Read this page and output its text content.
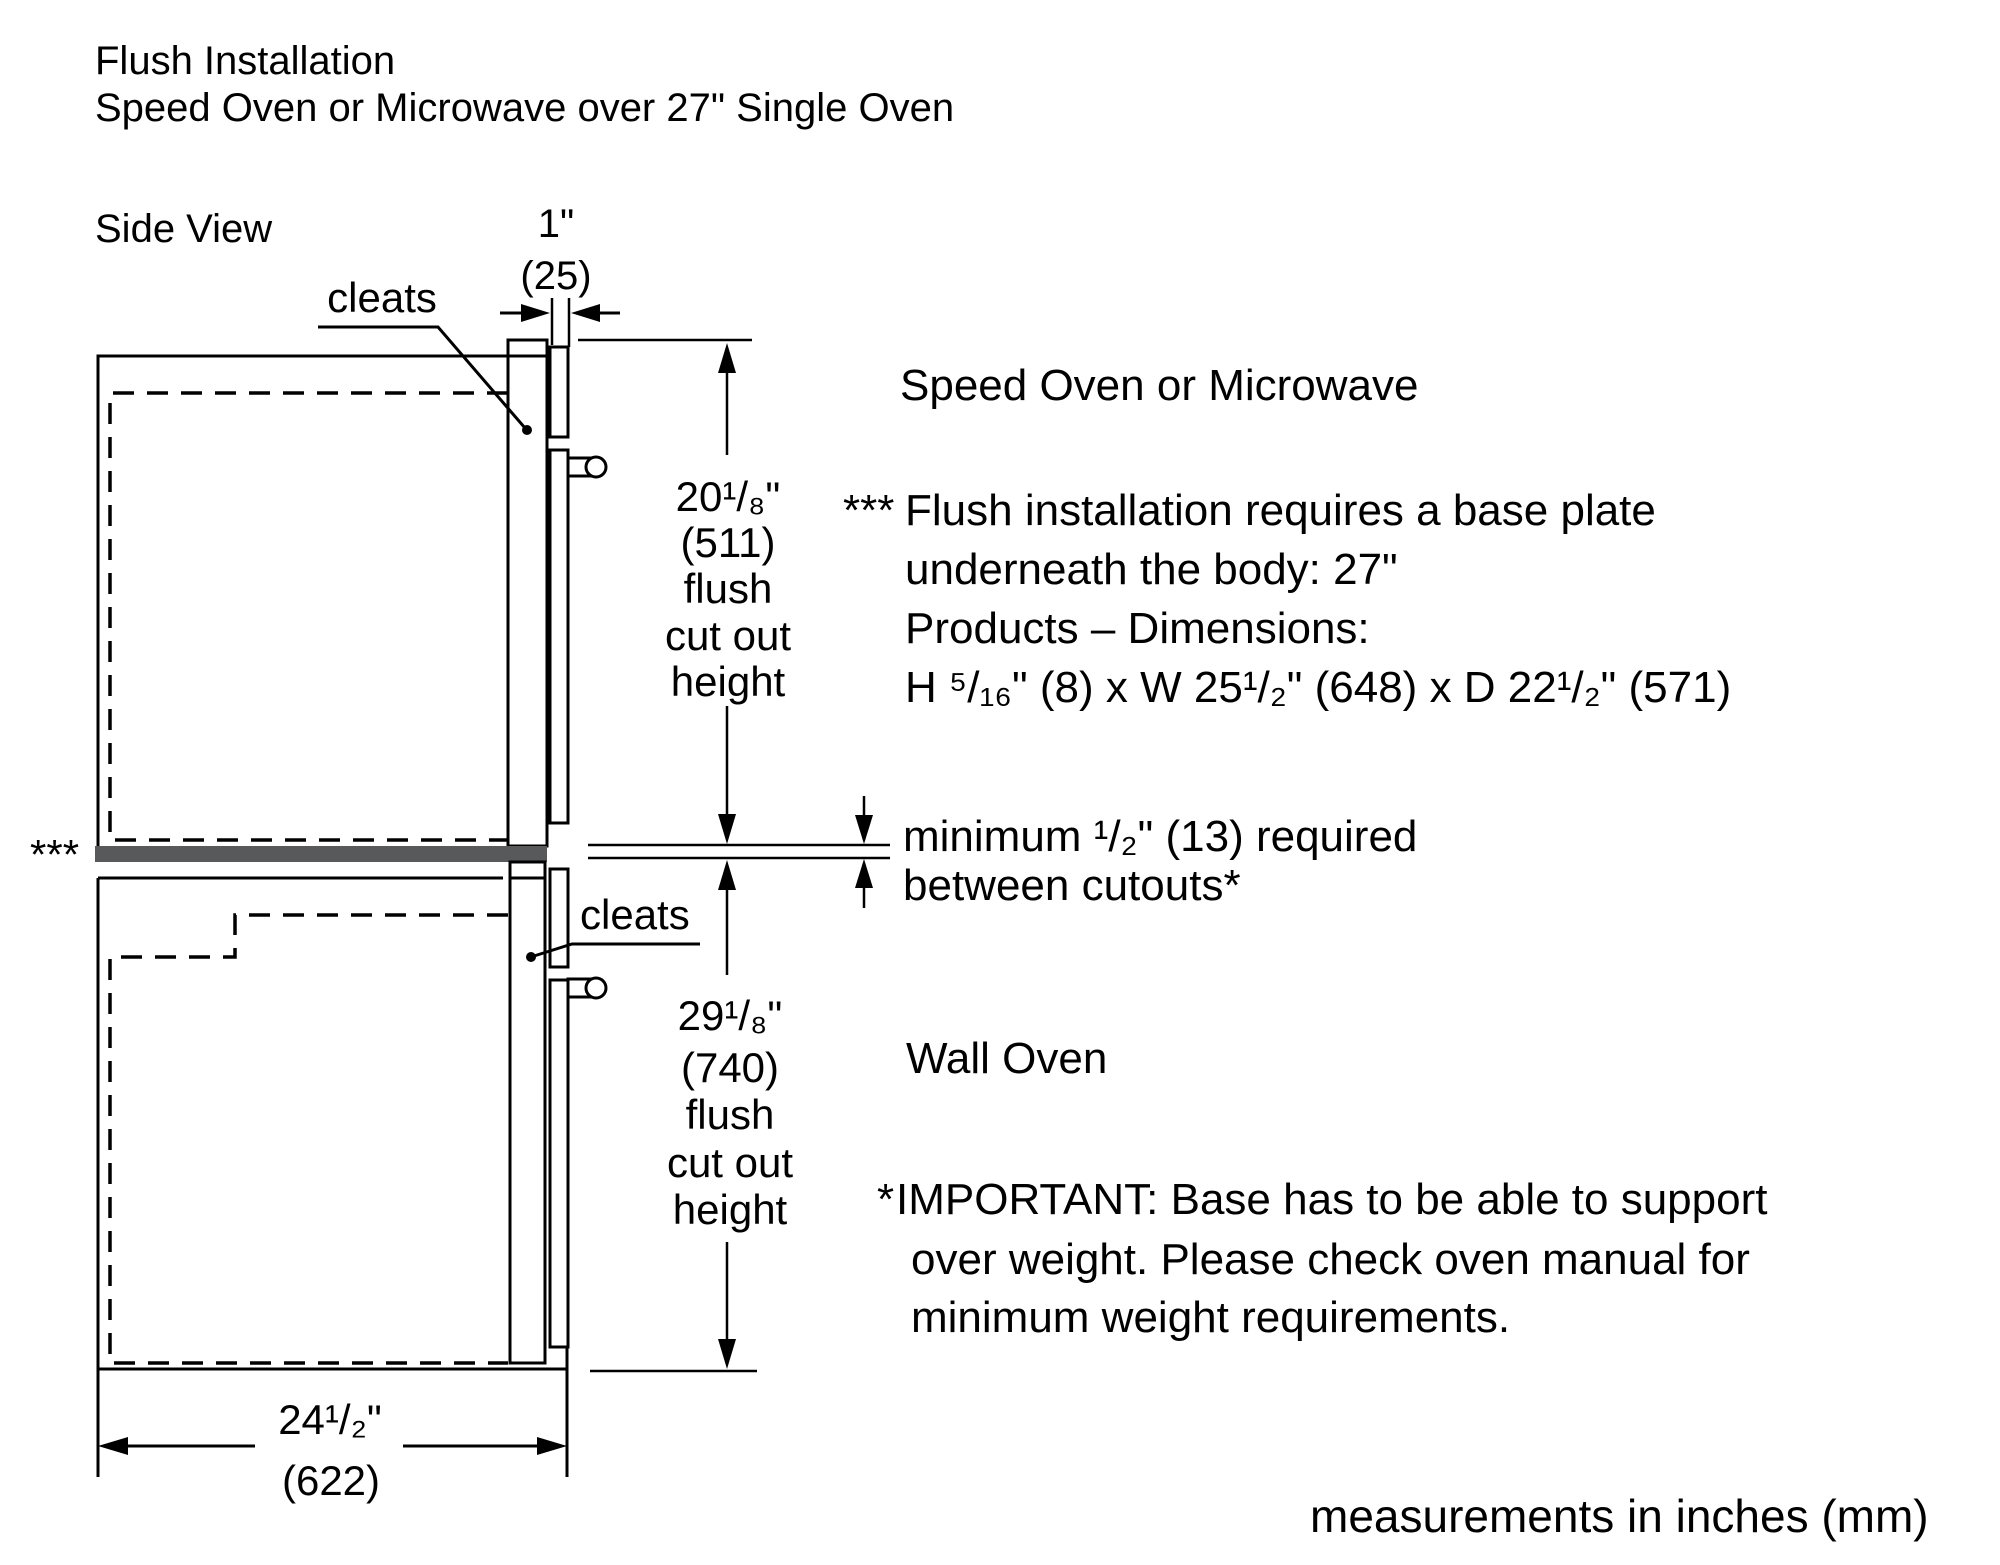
Flush Installation
Speed Oven or Microwave over 27" Single Oven
Side View
***
cleats
cleats
1"
(25)
20¹/₈"
(511)
flush
cut out
height
29¹/₈"
(740)
flush
cut out
height
24¹/₂"
(622)
Speed Oven or Microwave
*** Flush installation requires a base plate
underneath the body: 27"
Products – Dimensions:
H ⁵/₁₆" (8) x W 25¹/₂" (648) x D 22¹/₂" (571)
minimum ¹/₂" (13) required
between cutouts*
Wall Oven
* IMPORTANT: Base has to be able to support
over weight. Please check oven manual for
minimum weight requirements.
measurements in inches (mm)
